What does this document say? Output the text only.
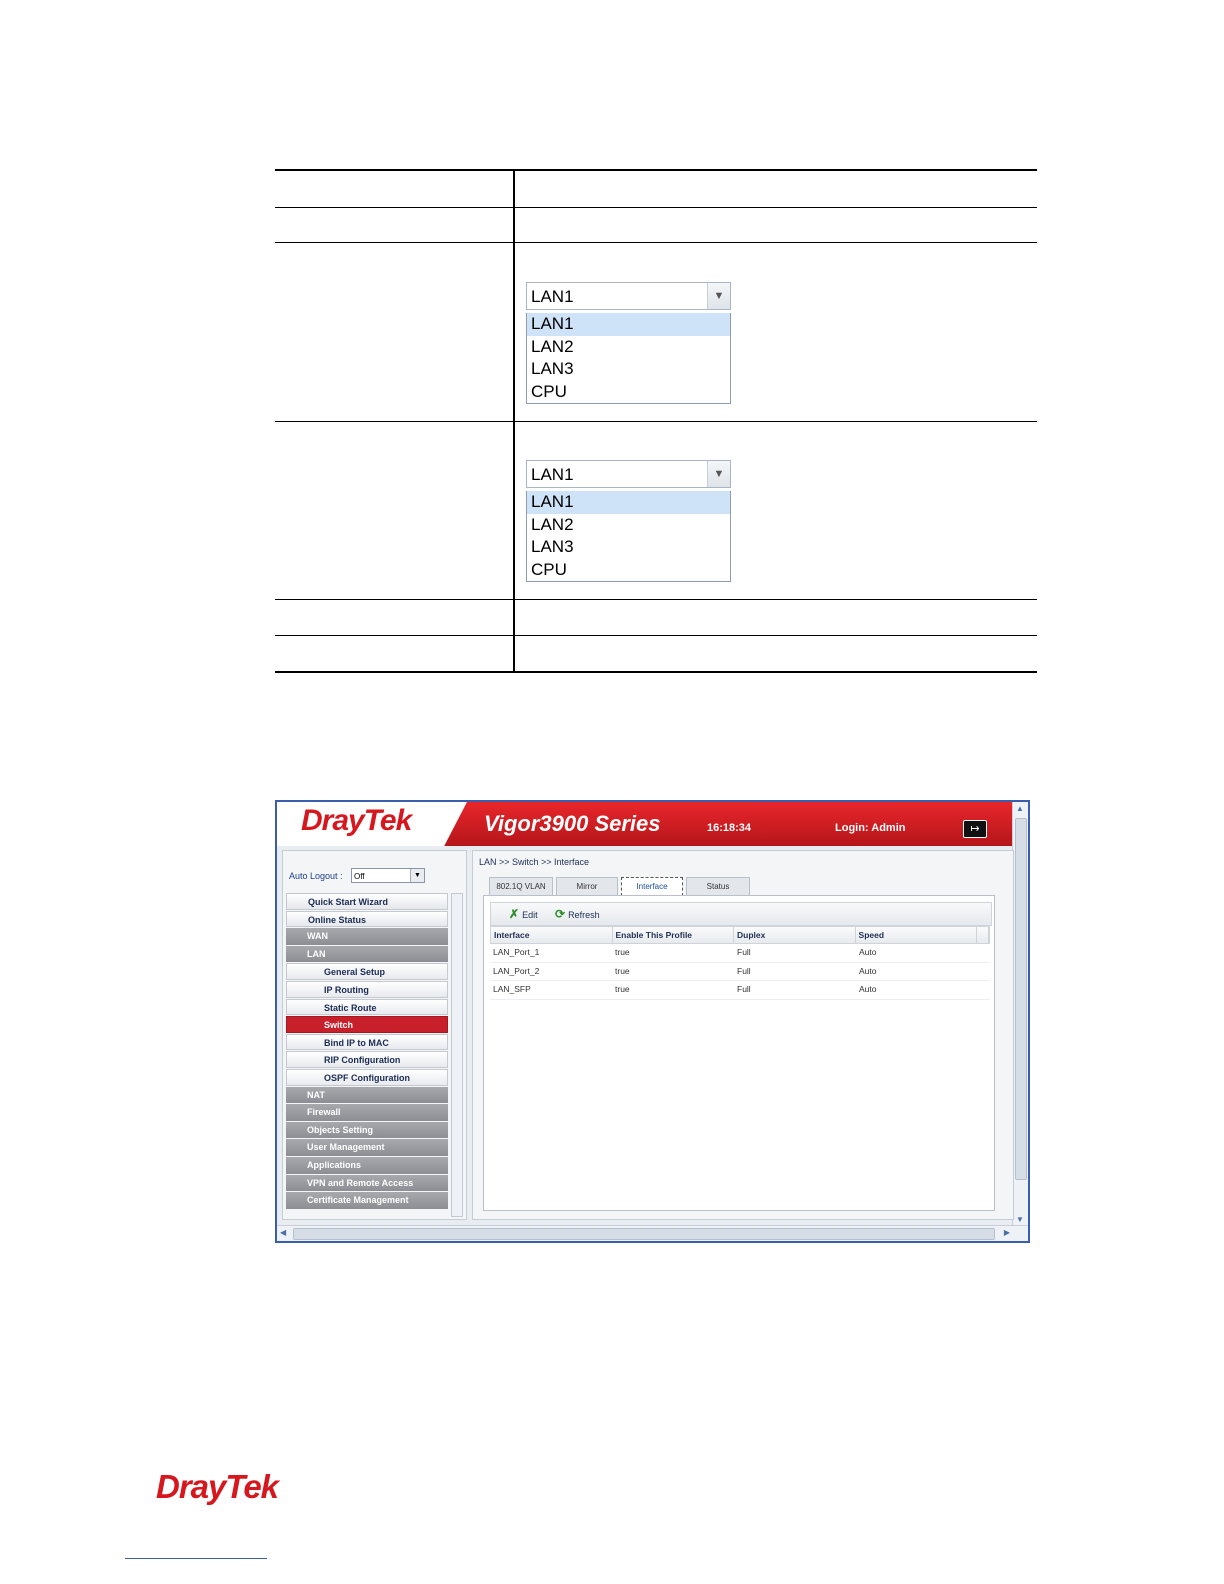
LAN1	▼
LAN1
LAN2
LAN3
CPU
LAN1	▼
LAN1
LAN2
LAN3
CPU
DrayTek	Vigor3900 Series	16:18:34	Login: Admin	↦
▲
▼
◀	▶
Auto Logout :	Off	▼
Quick Start Wizard
Online Status
WAN
LAN
General Setup
IP Routing
Static Route
Switch
Bind IP to MAC
RIP Configuration
OSPF Configuration
NAT
Firewall
Objects Setting
User Management
Applications
VPN and Remote Access
Certificate Management
LAN >> Switch >> Interface
802.1Q VLAN	Mirror	Interface	Status
✗ Edit ⟳ Refresh
Interface	Enable This Profile	Duplex	Speed
LAN_Port_1	true	Full	Auto
LAN_Port_2	true	Full	Auto
LAN_SFP	true	Full	Auto
DrayTek
